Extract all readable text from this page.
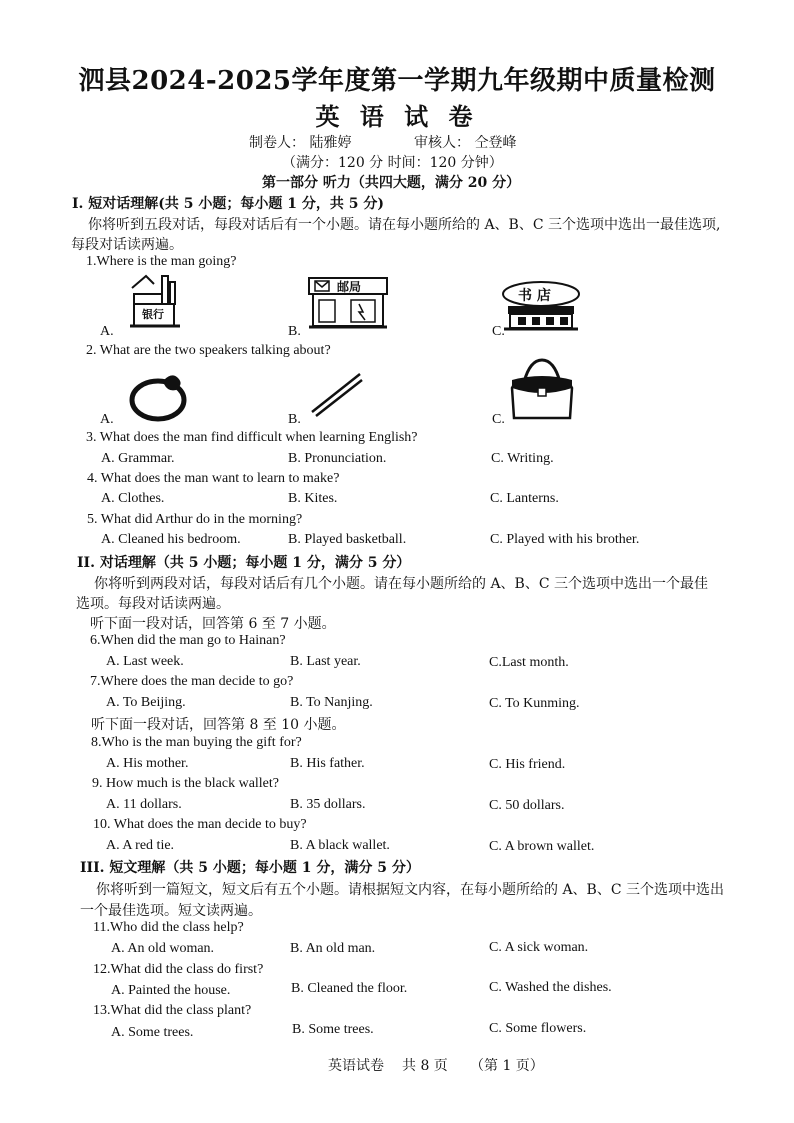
泗县2024-2025学年度第一学期九年级期中质量检测
英 语 试 卷
制卷人： 陆雅婷	审核人： 仝登峰
（满分：120 分 时间：120 分钟）
第一部分 听力（共四大题，满分 20 分）
I. 短对话理解(共 5 小题；每小题 1 分，共 5 分)
你将听到五段对话，每段对话后有一个小题。请在每小题所给的 A、B、C 三个选项中选出一最佳选项,
每段对话读两遍。
1.Where is the man going?
A.	B.	C.
银行
邮局
书 店
2. What are the two speakers talking about?
A.	B.	C.
3. What does the man find difficult when learning English?
A. Grammar.	B. Pronunciation.	C. Writing.
4. What does the man want to learn to make?
A. Clothes.	B. Kites.	C. Lanterns.
5. What did Arthur do in the morning?
A. Cleaned his bedroom.	B. Played basketball.	C. Played with his brother.
II. 对话理解（共 5 小题；每小题 1 分，满分 5 分）
你将听到两段对话，每段对话后有几个小题。请在每小题所给的 A、B、C 三个选项中选出一个最佳
选项。每段对话读两遍。
听下面一段对话，回答第 6 至 7 小题。
6.When did the man go to Hainan?
A. Last week.	B. Last year.	C.Last month.
7.Where does the man decide to go?
A. To Beijing.	B. To Nanjing.	C. To Kunming.
听下面一段对话，回答第 8 至 10 小题。
8.Who is the man buying the gift for?
A. His mother.	B. His father.	C. His friend.
9. How much is the black wallet?
A. 11 dollars.	B. 35 dollars.	C. 50 dollars.
10. What does the man decide to buy?
A. A red tie.	B. A black wallet.	C. A brown wallet.
III. 短文理解（共 5 小题；每小题 1 分，满分 5 分）
你将听到一篇短文，短文后有五个小题。请根据短文内容，在每小题所给的 A、B、C 三个选项中选出
一个最佳选项。短文读两遍。
11.Who did the class help?
A. An old woman.	B. An old man.	C. A sick woman.
12.What did the class do first?
A. Painted the house.	B. Cleaned the floor.	C. Washed the dishes.
13.What did the class plant?
A. Some trees.	B. Some trees.	C. Some flowers.
英语试卷 共 8 页 （第 1 页）
